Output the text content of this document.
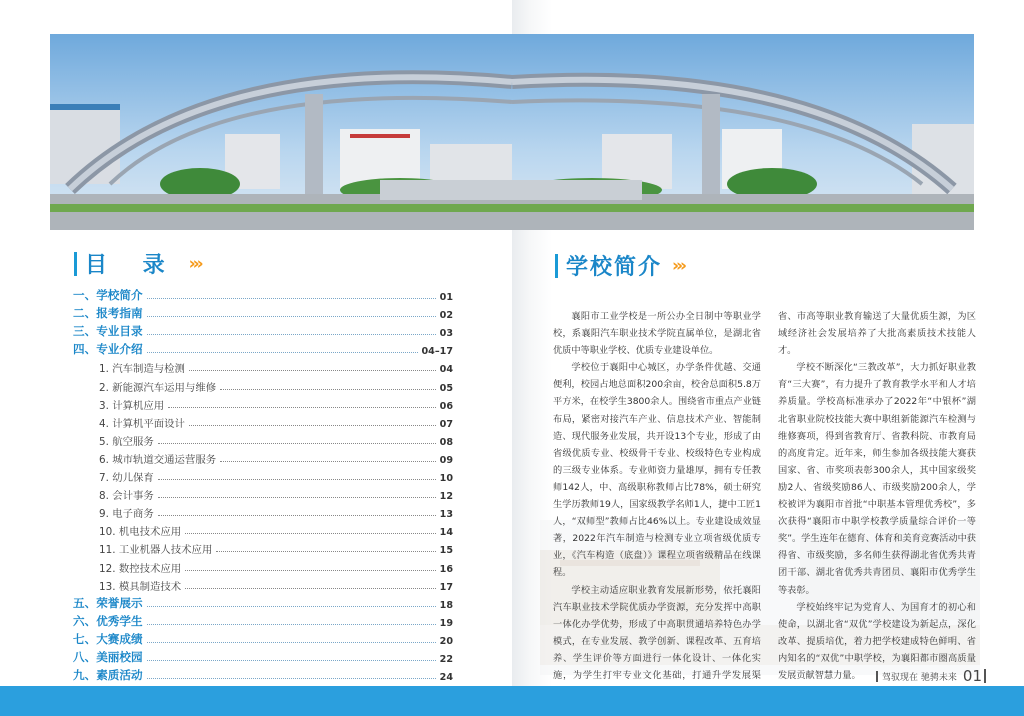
目 录 ›››
一、学校简介	01
二、报考指南	02
三、专业目录	03
四、专业介绍	04–17
1. 汽车制造与检测	04
2. 新能源汽车运用与维修	05
3. 计算机应用	06
4. 计算机平面设计	07
5. 航空服务	08
6. 城市轨道交通运营服务	09
7. 幼儿保育	10
8. 会计事务	12
9. 电子商务	13
10. 机电技术应用	14
11. 工业机器人技术应用	15
12. 数控技术应用	16
13. 模具制造技术	17
五、荣誉展示	18
六、优秀学生	19
七、大赛成绩	20
八、美丽校园	22
九、素质活动	24
学校简介 ›››

襄阳市工业学校是一所公办全日制中等职业学校，系襄阳汽车职业技术学院直属单位，是湖北省优质中等职业学校、优质专业建设单位。

学校位于襄阳中心城区，办学条件优越、交通便利，校园占地总面积200余亩，校舍总面积5.8万平方米，在校学生3800余人。围绕省市重点产业链布局，紧密对接汽车产业、信息技术产业、智能制造、现代服务业发展，共开设13个专业，形成了由省级优质专业、校级骨干专业、校级特色专业构成的三级专业体系。专业师资力量雄厚，拥有专任教师142人，中、高级职称教师占比78%，硕士研究生学历教师19人，国家级教学名师1人，捷中工匠1人，“双师型”教师占比46%以上。专业建设成效显著，2022年汽车制造与检测专业立项省级优质专业，《汽车构造（底盘）》课程立项省级精品在线课程。

学校主动适应职业教育发展新形势，依托襄阳汽车职业技术学院优质办学资源，充分发挥中高职一体化办学优势，形成了中高职贯通培养特色办学模式，在专业发展、教学创新、课程改革、五育培养、学生评价等方面进行一体化设计、一体化实施，为学生打牢专业文化基础，打通升学发展渠

省、市高等职业教育输送了大量优质生源，为区域经济社会发展培养了大批高素质技术技能人才。

学校不断深化“三教改革”，大力抓好职业教育“三大赛”，有力提升了教育教学水平和人才培养质量。学校高标准承办了2022年“中银杯”湖北省职业院校技能大赛中职组新能源汽车检测与维修赛项，得到省教育厅、省教科院、市教育局的高度肯定。近年来，师生参加各级技能大赛获国家、省、市奖项表彰300余人，其中国家级奖励2人、省级奖励86人、市级奖励200余人，学校被评为襄阳市首批“中职基本管理优秀校”，多次获得“襄阳市中职学校教学质量综合评价一等奖”。学生连年在德育、体育和美育竞赛活动中获得省、市级奖励，多名师生获得湖北省优秀共青团干部、湖北省优秀共青团员、襄阳市优秀学生等表彰。

学校始终牢记为党育人、为国育才的初心和使命，以湖北省“双优”学校建设为新起点，深化改革、提质培优，着力把学校建成特色鲜明、省内知名的“双优”中职学校，为襄阳都市圈高质量发展贡献智慧力量。	驾驭现在 驰骋未来 01
